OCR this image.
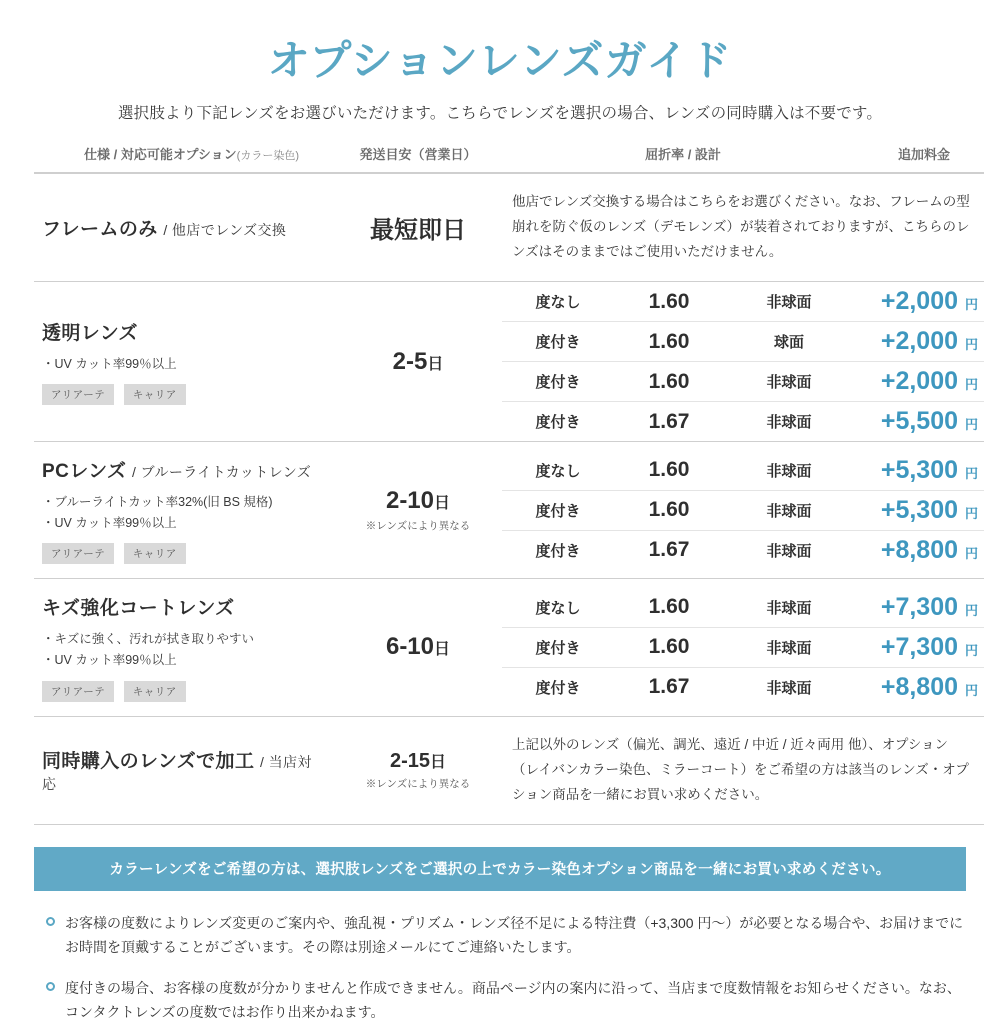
オプションレンズガイド
選択肢より下記レンズをお選びいただけます。こちらでレンズを選択の場合、レンズの同時購入は不要です。
仕様 / 対応可能オプション(カラー染色)	発送目安（営業日）	屈折率 / 設計	追加料金

フレームのみ / 他店でレンズ交換	最短即日	他店でレンズ交換する場合はこちらをお選びください。なお、フレームの型崩れを防ぐ仮のレンズ（デモレンズ）が装着されておりますが、こちらのレンズはそのままではご使用いただけません。

透明レンズ
・UV カット率99％以上
アリアーテ	キャリア
	2-5日	
度なし	1.60	非球面	+2,000 円
度付き	1.60	球面	+2,000 円
度付き	1.60	非球面	+2,000 円
度付き	1.67	非球面	+5,500 円

PCレンズ / ブルーライトカットレンズ
・ブルーライトカット率32%(旧 BS 規格)
・UV カット率99％以上
アリアーテ	キャリア
	2-10日
※レンズにより異なる

度なし	1.60	非球面	+5,300 円
度付き	1.60	非球面	+5,300 円
度付き	1.67	非球面	+8,800 円

キズ強化コートレンズ
・キズに強く、汚れが拭き取りやすい
・UV カット率99％以上
アリアーテ	キャリア
	6-10日	
度なし	1.60	非球面	+7,300 円
度付き	1.60	非球面	+7,300 円
度付き	1.67	非球面	+8,800 円

同時購入のレンズで加工 / 当店対応
	2-15日
※レンズにより異なる
	上記以外のレンズ（偏光、調光、遠近 / 中近 / 近々両用 他）、オプション（レイバンカラー染色、ミラーコート）をご希望の方は該当のレンズ・オプション商品を一緒にお買い求めください。

カラーレンズをご希望の方は、選択肢レンズをご選択の上でカラー染色オプション商品を一緒にお買い求めください。
お客様の度数によりレンズ変更のご案内や、強乱視・プリズム・レンズ径不足による特注費（+3,300 円〜）が必要となる場合や、お届けまでにお時間を頂戴することがございます。その際は別途メールにてご連絡いたします。
度付きの場合、お客様の度数が分かりませんと作成できません。商品ページ内の案内に沿って、当店まで度数情報をお知らせください。なお、コンタクトレンズの度数ではお作り出来かねます。
